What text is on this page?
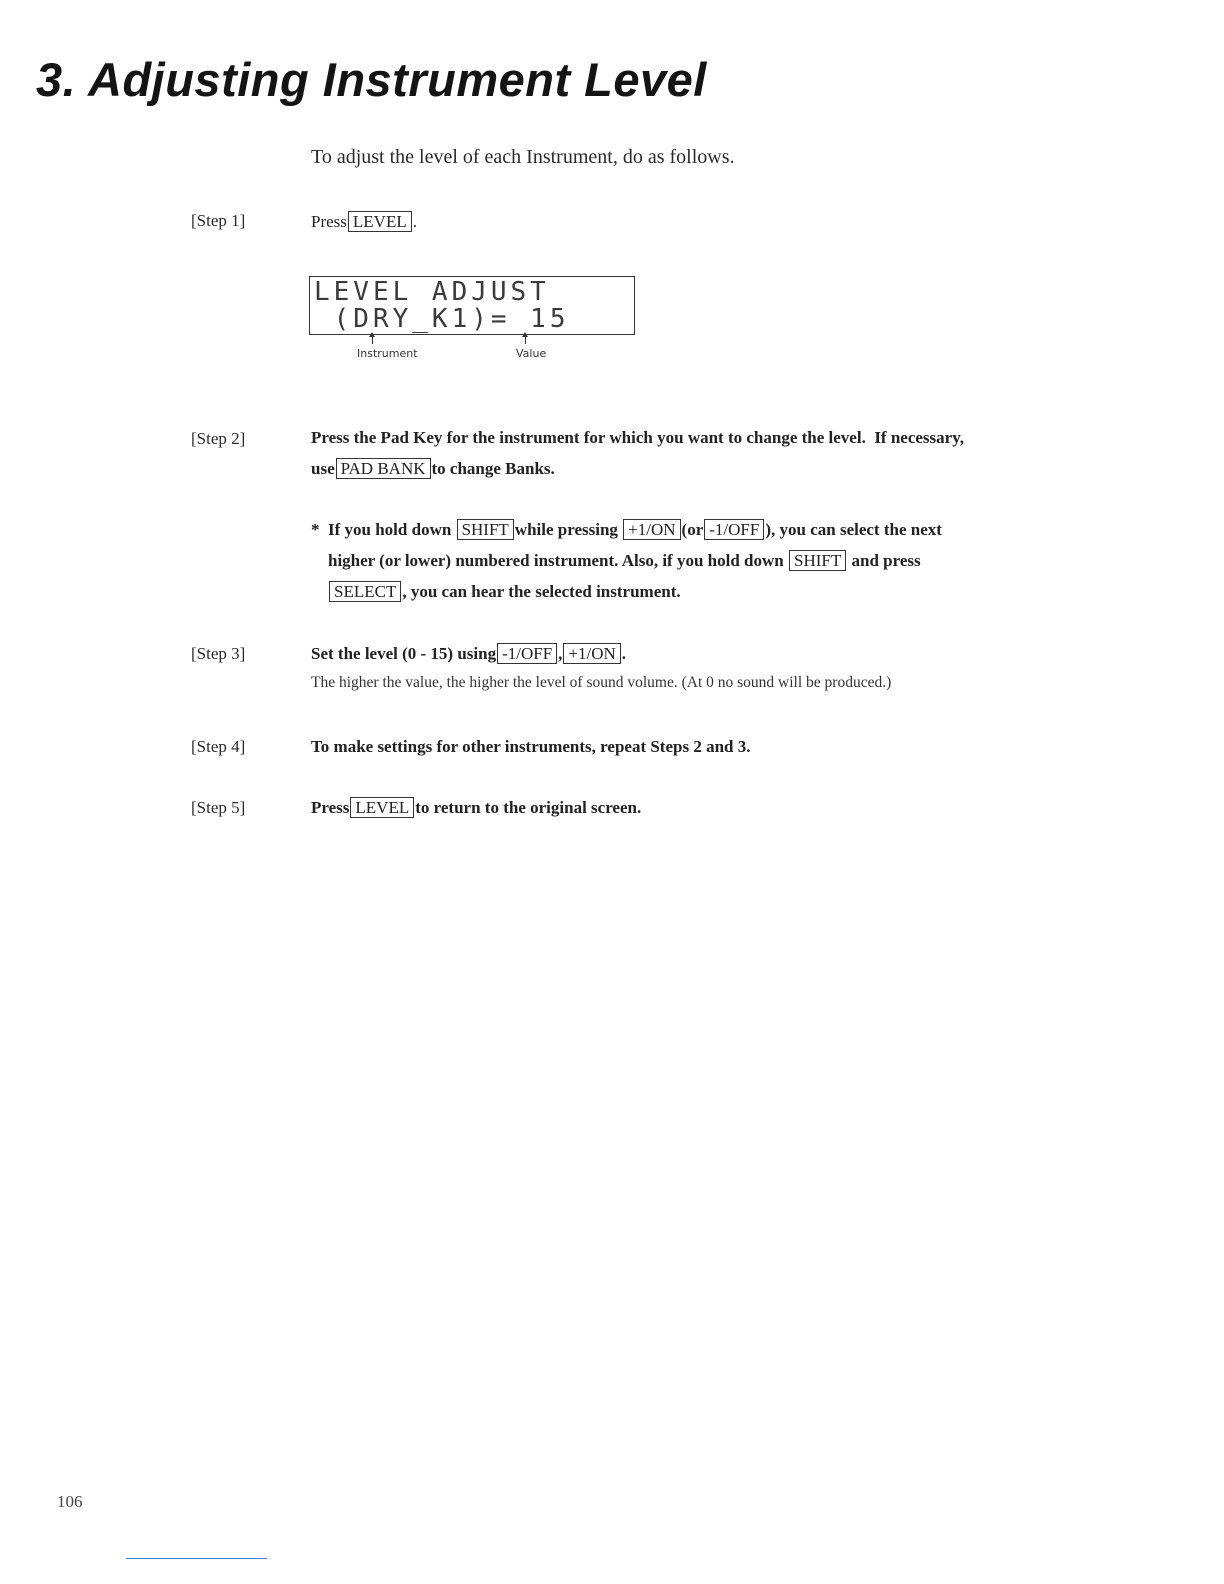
3. Adjusting Instrument Level
To adjust the level of each Instrument, do as follows.
[Step 1]	Press LEVEL .
LEVEL ADJUST
(DRY_K1)= 15
Instrument	Value
[Step 2]	Press the Pad Key for the instrument for which you want to change the level.  If necessary,
use PAD BANK to change Banks.
* If you hold down SHIFT while pressing +1/ON (or -1/OFF ), you can select the next
higher (or lower) numbered instrument. Also, if you hold down SHIFT and press
SELECT , you can hear the selected instrument.
[Step 3]	Set the level (0 - 15) using -1/OFF , +1/ON .
The higher the value, the higher the level of sound volume. (At 0 no sound will be produced.)
[Step 4]	To make settings for other instruments, repeat Steps 2 and 3.
[Step 5]	Press LEVEL to return to the original screen.
106
